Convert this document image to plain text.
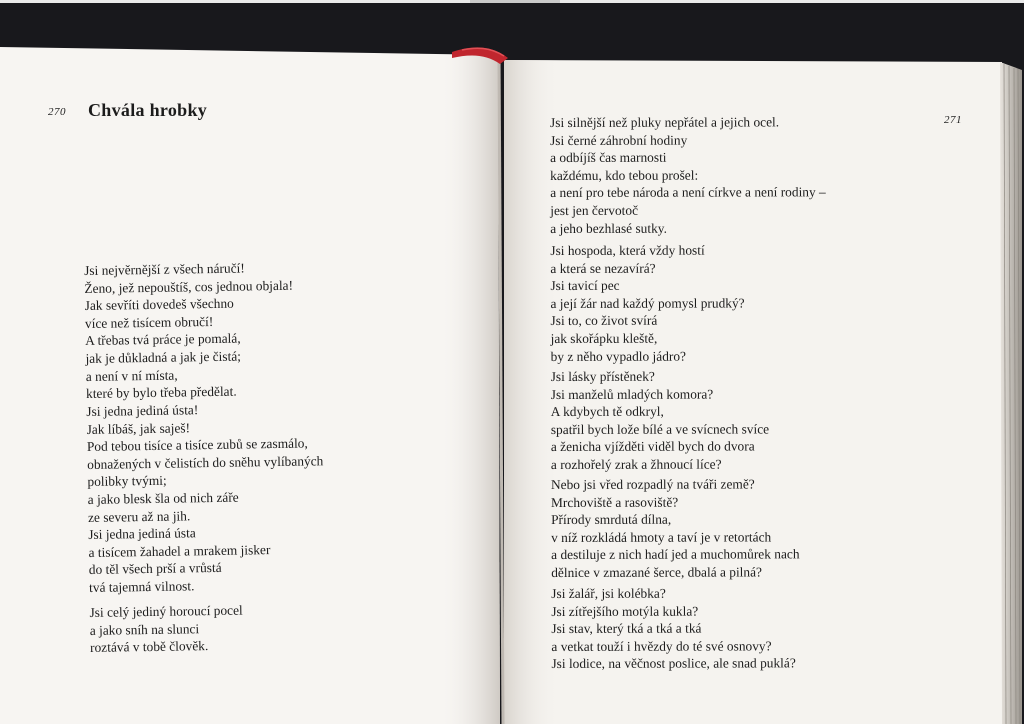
270 Chvála hrobky
Jsi nejvěrnější z všech náručí!
Ženo, jež nepouštíš, cos jednou objala!
Jak sevříti dovedeš všechno
více než tisícem obručí!
A třebas tvá práce je pomalá,
jak je důkladná a jak je čistá;
a není v ní místa,
které by bylo třeba předělat.
Jsi jedna jediná ústa!
Jak líbáš, jak saješ!
Pod tebou tisíce a tisíce zubů se zasmálo,
obnažených v čelistích do sněhu vylíbaných
polibky tvými;
a jako blesk šla od nich záře
ze severu až na jih.
Jsi jedna jediná ústa
a tisícem žahadel a mrakem jisker
do těl všech prší a vrůstá
tvá tajemná vilnost.
Jsi celý jediný horoucí pocel
a jako sníh na slunci
roztává v tobě člověk.
271
Jsi silnější než pluky nepřátel a jejich ocel.
Jsi černé záhrobní hodiny
a odbíjíš čas marnosti
každému, kdo tebou prošel:
a není pro tebe národa a není církve a není rodiny –
jest jen červotoč
a jeho bezhlasé sutky.
Jsi hospoda, která vždy hostí
a která se nezavírá?
Jsi tavicí pec
a její žár nad každý pomysl prudký?
Jsi to, co život svírá
jak skořápku kleště,
by z něho vypadlo jádro?
Jsi lásky přístěnek?
Jsi manželů mladých komora?
A kdybych tě odkryl,
spatřil bych lože bílé a ve svícnech svíce
a ženicha vjížděti viděl bych do dvora
a rozhořelý zrak a žhnoucí líce?
Nebo jsi vřed rozpadlý na tváři země?
Mrchoviště a rasoviště?
Přírody smrdutá dílna,
v níž rozkládá hmoty a taví je v retortách
a destiluje z nich hadí jed a muchomůrek nach
dělnice v zmazané šerce, dbalá a pilná?
Jsi žalář, jsi kolébka?
Jsi zítřejšího motýla kukla?
Jsi stav, který tká a tká a tká
a vetkat touží i hvězdy do té své osnovy?
Jsi lodice, na věčnost poslice, ale snad puklá?
